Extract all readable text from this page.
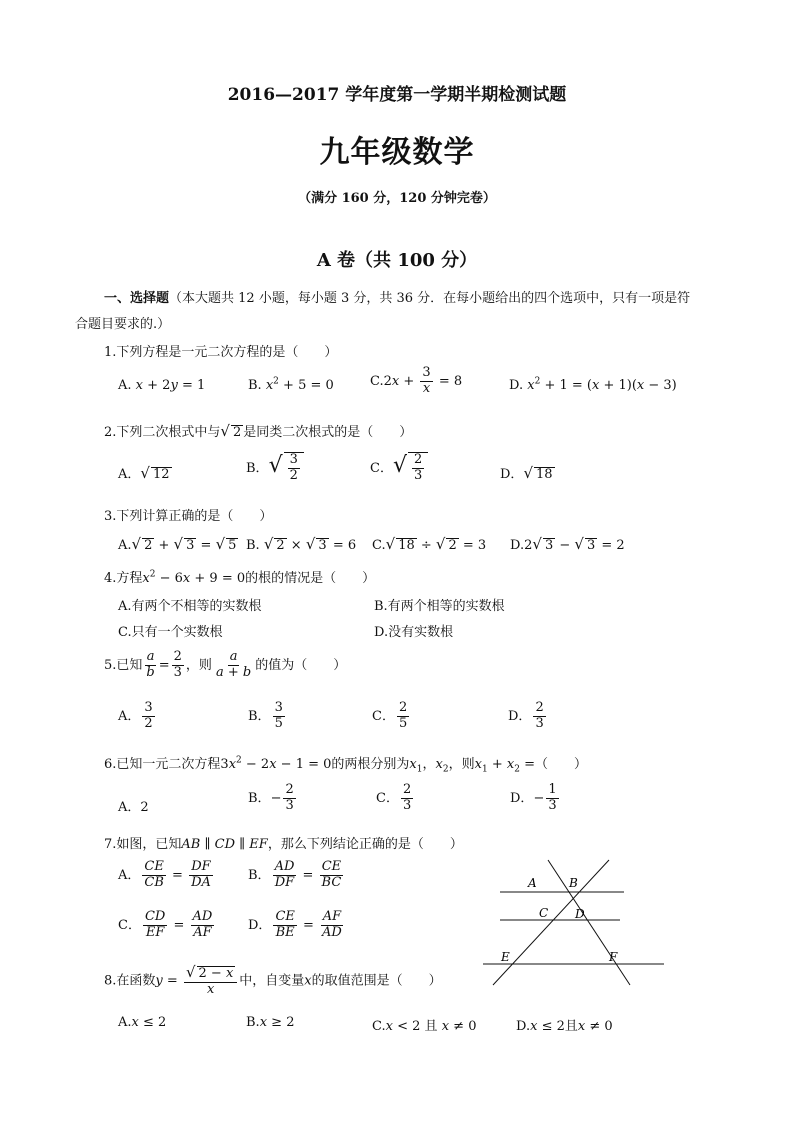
2016—2017 学年度第一学期半期检测试题
九年级数学
（满分 160 分，120 分钟完卷）
A 卷（共 100 分）
一、选择题（本大题共 12 小题，每小题 3 分，共 36 分．在每小题给出的四个选项中，只有一项是符
合题目要求的.）
1.下列方程是一元二次方程的是（　　）
A. x + 2y = 1	B. $x^2 + 5 = 0$	$C.2x + \frac{3}{x} = 8$	D. $x^2 + 1 = (x + 1)(x - 3)$
2.下列二次根式中与√ 2 是同类二次根式的是（　　）
A．√ 12	B．√ $\frac{3}{2}$	C．√ $\frac{2}{3}$	D．√ 18
3.下列计算正确的是（　　）
A.√ 2 + √ 3 = √ 5 B. √ 2 × √ 3 = 6 C.√ 18 ÷ √ 2 = 3 D.2√ 3 − √ 3 = 2
4.方程$x^2 - 6x + 9 = 0$的根的情况是（　　）
A.有两个不相等的实数根	B.有两个相等的实数根
C.只有一个实数根	D.没有实数根
5.已知 $\frac{a}{b} = \frac{2}{3}$ ，则 $\frac{a}{a + b}$ 的值为（　　）
A． $\frac{3}{2}$	B． $\frac{3}{5}$	C． $\frac{2}{5}$	D． $\frac{2}{3}$
6.已知一元二次方程$3x^2 - 2x - 1 = 0$的两根分别为$x_1$，$x_2$，则$x_1 + x_2$ =（　　）
A．2
B．− $\frac{2}{3}$	C． $\frac{2}{3}$	D．− $\frac{1}{3}$
7.如图，已知AB ∥ CD ∥ EF，那么下列结论正确的是（　　）
A． $\frac{CE}{CB} = \frac{DF}{DA}$	B． $\frac{AD}{DF} = \frac{CE}{BC}$
C． $\frac{CD}{EF} = \frac{AD}{AF}$	D． $\frac{CE}{BE} = \frac{AF}{AD}$
A	B
C D
E	F
8.在函数$y = \frac{√ 2 - x}{x}$ 中，自变量x的取值范围是（　　）
A.x ≤ 2	B.x ≥ 2	C.x < 2 且 x ≠ 0	D.x ≤ 2且x ≠ 0
